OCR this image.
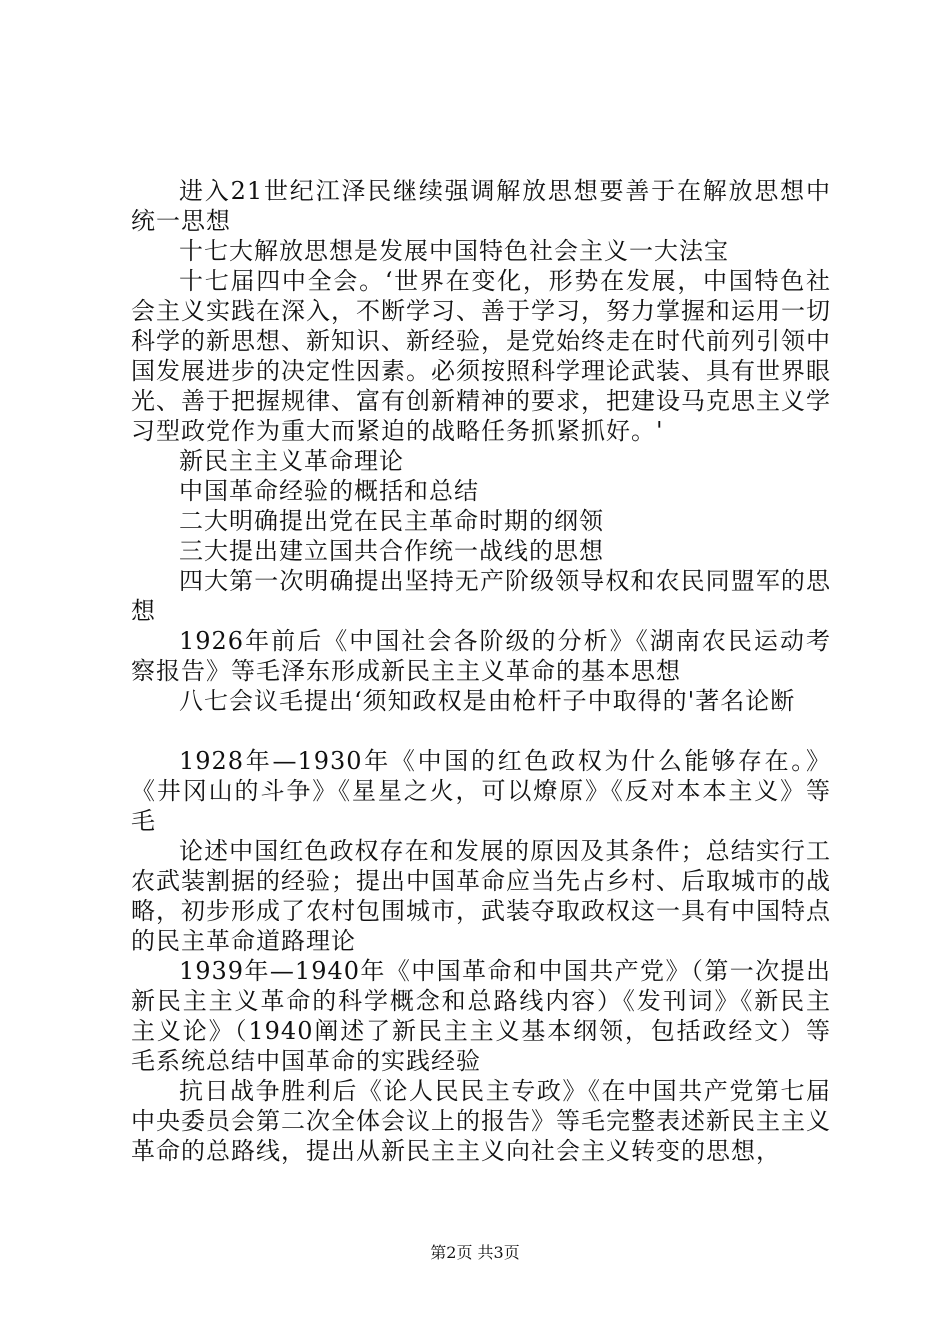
进入21世纪江泽民继续强调解放思想要善于在解放思想中统一思想

十七大解放思想是发展中国特色社会主义一大法宝

十七届四中全会。‘世界在变化，形势在发展，中国特色社会主义实践在深入，不断学习、善于学习，努力掌握和运用一切科学的新思想、新知识、新经验，是党始终走在时代前列引领中国发展进步的决定性因素。必须按照科学理论武装、具有世界眼光、善于把握规律、富有创新精神的要求，把建设马克思主义学习型政党作为重大而紧迫的战略任务抓紧抓好。'

新民主主义革命理论

中国革命经验的概括和总结

二大明确提出党在民主革命时期的纲领

三大提出建立国共合作统一战线的思想

四大第一次明确提出坚持无产阶级领导权和农民同盟军的思想

1926年前后《中国社会各阶级的分析》《湖南农民运动考察报告》等毛泽东形成新民主主义革命的基本思想

八七会议毛提出‘须知政权是由枪杆子中取得的'著名论断

1928年—1930年《中国的红色政权为什么能够存在。》《井冈山的斗争》《星星之火，可以燎原》《反对本本主义》等毛

论述中国红色政权存在和发展的原因及其条件；总结实行工农武装割据的经验；提出中国革命应当先占乡村、后取城市的战略，初步形成了农村包围城市，武装夺取政权这一具有中国特点的民主革命道路理论

1939年—1940年《中国革命和中国共产党》（第一次提出新民主主义革命的科学概念和总路线内容）《发刊词》《新民主主义论》（1940阐述了新民主主义基本纲领，包括政经文）等毛系统总结中国革命的实践经验

抗日战争胜利后《论人民民主专政》《在中国共产党第七届中央委员会第二次全体会议上的报告》等毛完整表述新民主主义革命的总路线，提出从新民主主义向社会主义转变的思想，

第2页 共3页
